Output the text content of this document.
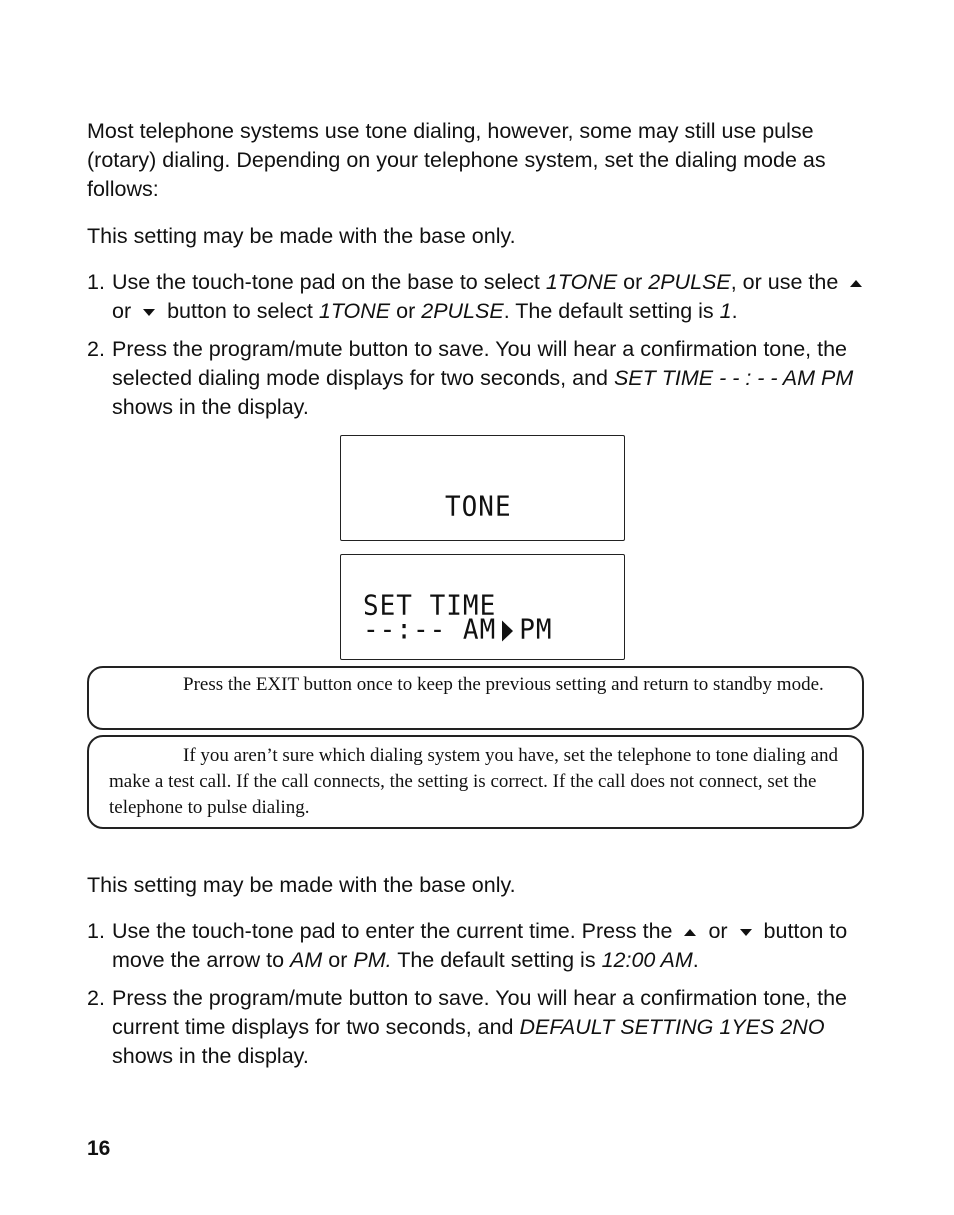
Most telephone systems use tone dialing, however, some may still use pulse (rotary) dialing. Depending on your telephone system, set the dialing mode as follows:

This setting may be made with the base only.

1. Use the touch-tone pad on the base to select 1TONE or 2PULSE, or use the  or  button to select 1TONE or 2PULSE. The default setting is 1.
2. Press the program/mute button to save. You will hear a confirmation tone, the selected dialing mode displays for two seconds, and SET TIME - - : - - AM PM shows in the display.
TONE
SET TIME
--:-- AM PM
Press the EXIT button once to keep the previous setting and return to standby mode.
If you aren’t sure which dialing system you have, set the telephone to tone dialing and make a test call. If the call connects, the setting is correct. If the call does not connect, set the telephone to pulse dialing.

This setting may be made with the base only.

1. Use the touch-tone pad to enter the current time. Press the  or  button to move the arrow to AM or PM. The default setting is 12:00 AM.
2. Press the program/mute button to save. You will hear a confirmation tone, the current time displays for two seconds, and DEFAULT SETTING 1YES 2NO shows in the display.
16
